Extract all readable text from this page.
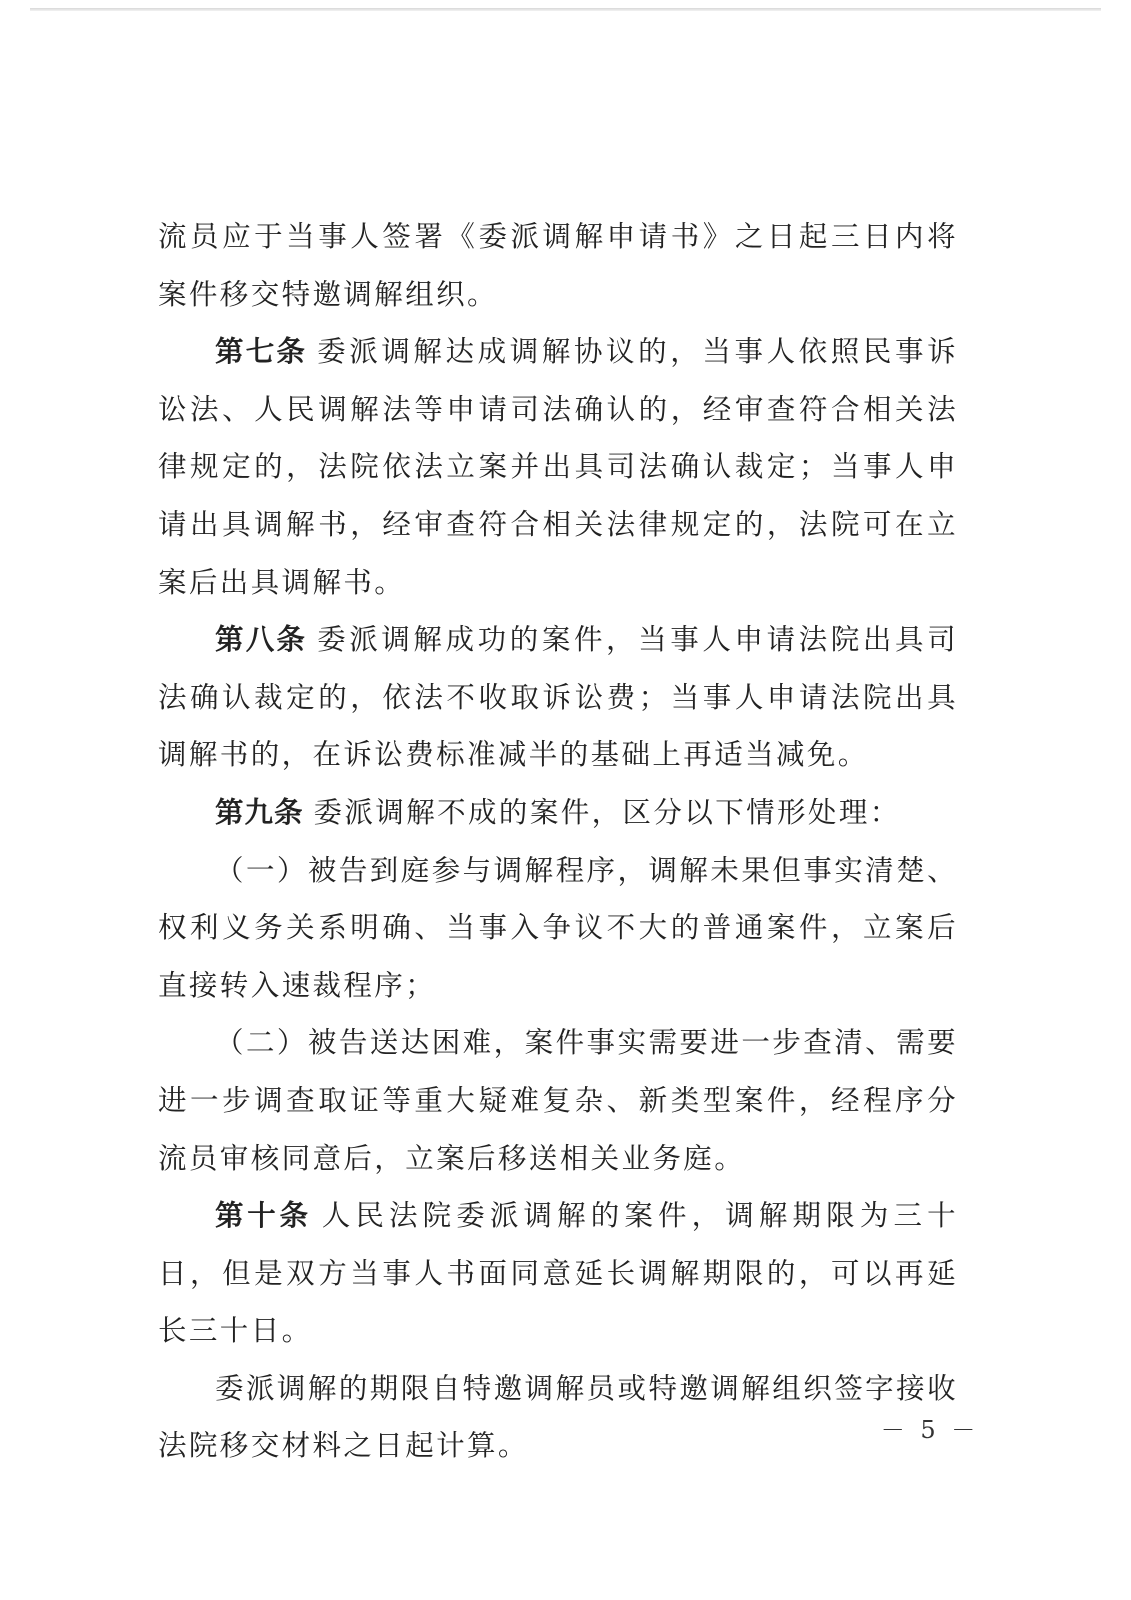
流员应于当事人签署《委派调解申请书》之日起三日内将案件移交特邀调解组织。

第七条 委派调解达成调解协议的，当事人依照民事诉讼法、人民调解法等申请司法确认的，经审查符合相关法律规定的，法院依法立案并出具司法确认裁定；当事人申请出具调解书，经审查符合相关法律规定的，法院可在立案后出具调解书。

第八条 委派调解成功的案件，当事人申请法院出具司法确认裁定的，依法不收取诉讼费；当事人申请法院出具调解书的，在诉讼费标准减半的基础上再适当减免。

第九条 委派调解不成的案件，区分以下情形处理：

（一）被告到庭参与调解程序，调解未果但事实清楚、权利义务关系明确、当事入争议不大的普通案件，立案后直接转入速裁程序；

（二）被告送达困难，案件事实需要进一步查清、需要进一步调查取证等重大疑难复杂、新类型案件，经程序分流员审核同意后，立案后移送相关业务庭。

第十条 人民法院委派调解的案件，调解期限为三十日，但是双方当事人书面同意延长调解期限的，可以再延长三十日。

委派调解的期限自特邀调解员或特邀调解组织签字接收法院移交材料之日起计算。	－ 5 －
